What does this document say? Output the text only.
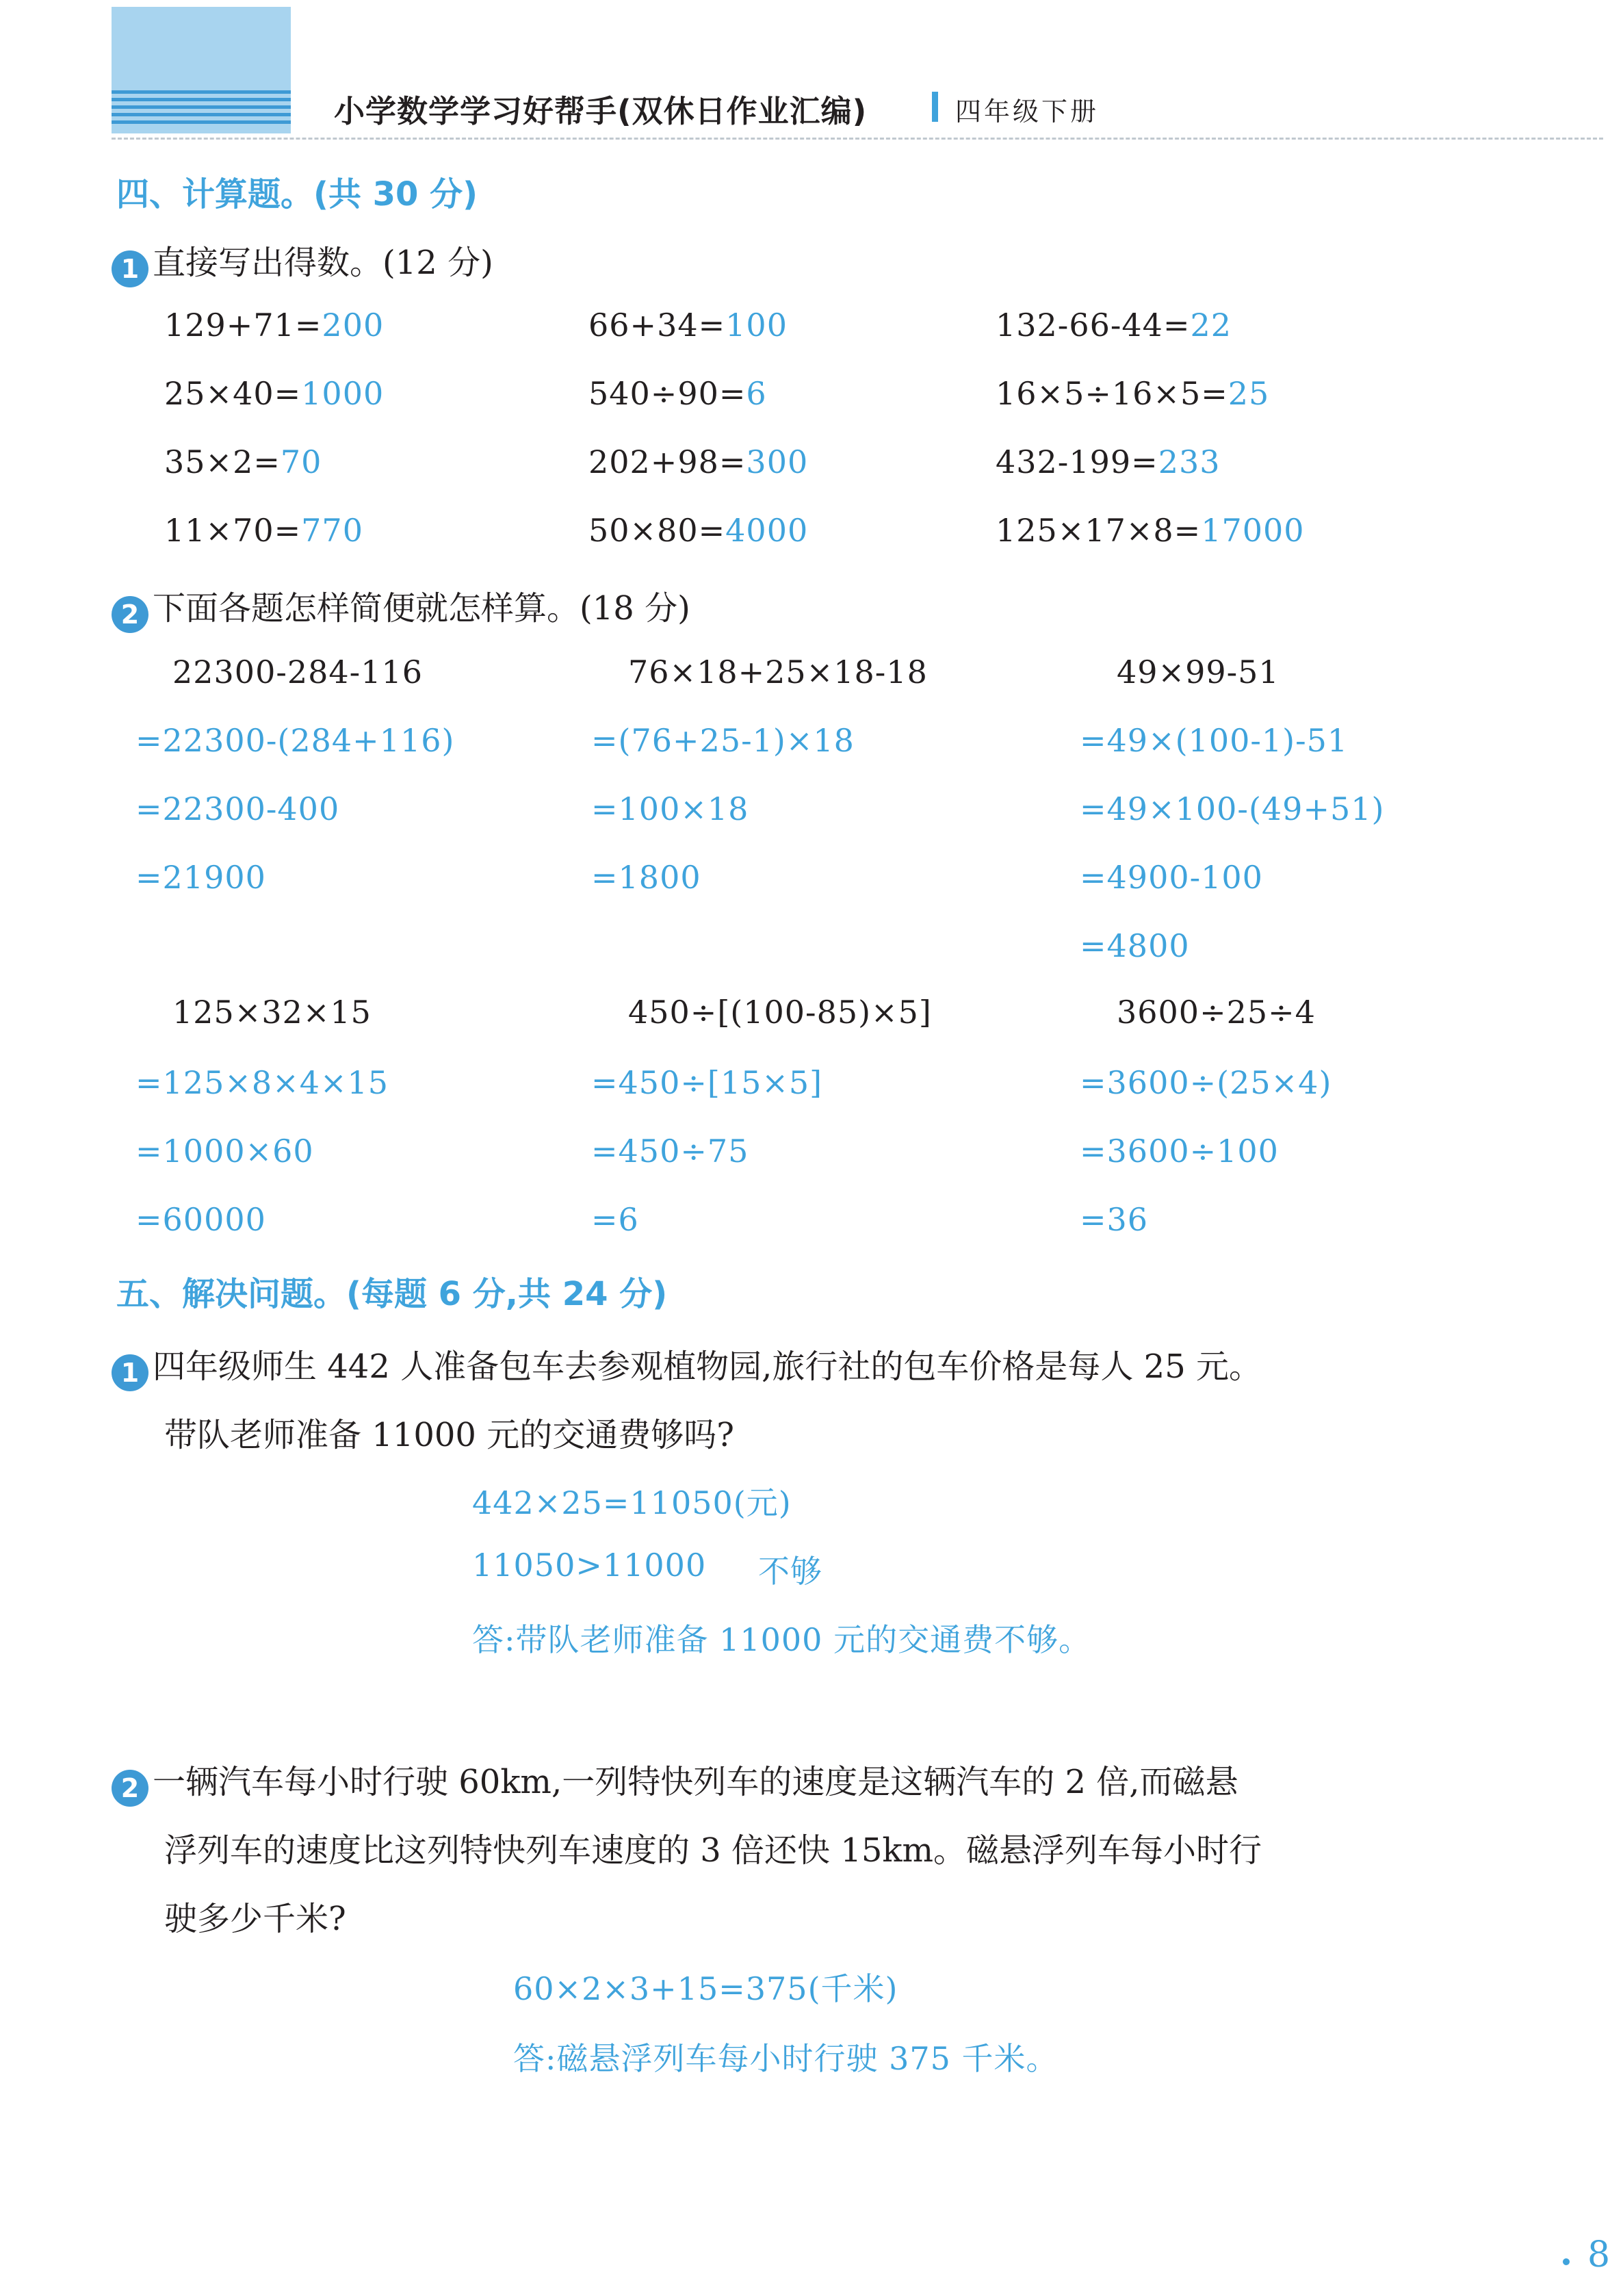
小学数学学习好帮手(双休日作业汇编)	四年级下册
四、计算题。(共 30 分)
1 直接写出得数。(12 分)
129+71=200	66+34=100	132-66-44=22
25×40=1000	540÷90=6	16×5÷16×5=25
35×2=70	202+98=300	432-199=233
11×70=770	50×80=4000	125×17×8=17000
2 下面各题怎样简便就怎样算。(18 分)
22300-284-116
=22300-(284+116)
=22300-400
=21900
76×18+25×18-18
=(76+25-1)×18
=100×18
=1800
49×99-51
=49×(100-1)-51
=49×100-(49+51)
=4900-100
=4800
125×32×15
=125×8×4×15
=1000×60
=60000
450÷[(100-85)×5]
=450÷[15×5]
=450÷75
=6
3600÷25÷4
=3600÷(25×4)
=3600÷100
=36
五、解决问题。(每题 6 分,共 24 分)
1 四年级师生 442 人准备包车去参观植物园,旅行社的包车价格是每人 25 元。
带队老师准备 11000 元的交通费够吗?
442×25=11050(元)
11050>11000 不够
答:带队老师准备 11000 元的交通费不够。
2 一辆汽车每小时行驶 60km,一列特快列车的速度是这辆汽车的 2 倍,而磁悬
浮列车的速度比这列特快列车速度的 3 倍还快 15km。磁悬浮列车每小时行
驶多少千米?
60×2×3+15=375(千米)
答:磁悬浮列车每小时行驶 375 千米。
8
